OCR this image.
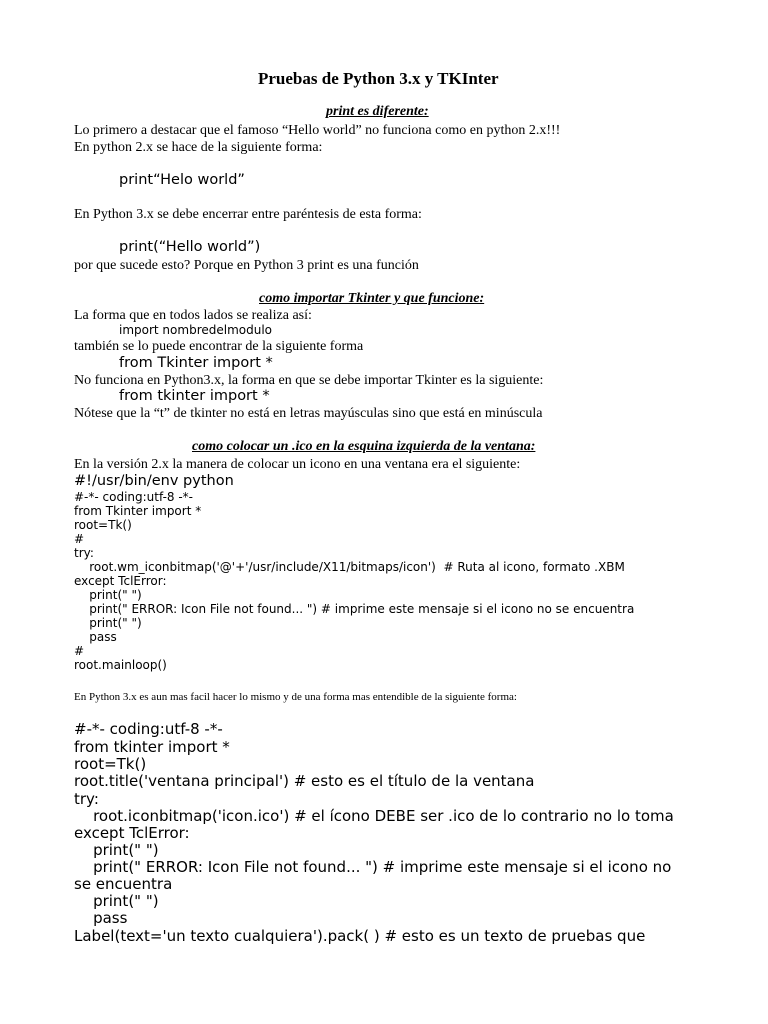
Pruebas de Python 3.x y TKInter
print es diferente:
Lo primero a destacar que el famoso “Hello world” no funciona como en python 2.x!!!
En python 2.x se hace de la siguiente forma:
print“Helo world”
En Python 3.x se debe encerrar entre paréntesis de esta forma:
print(“Hello world”)
por que sucede esto? Porque en Python 3 print es una función
como importar Tkinter y que funcione:
La forma que en todos lados se realiza así:
import nombredelmodulo
también se lo puede encontrar de la siguiente forma
from Tkinter import *
No funciona en Python3.x, la forma en que se debe importar Tkinter es la siguiente:
from tkinter import *
Nótese que la “t” de tkinter no está en letras mayúsculas sino que está en minúscula
como colocar un .ico en la esquina izquierda de la ventana:
En la versión 2.x la manera de colocar un icono en una ventana era el siguiente:
#!/usr/bin/env python
#-*- coding:utf-8 -*-
from Tkinter import *
root=Tk()
#
try:
root.wm_iconbitmap('@'+'/usr/include/X11/bitmaps/icon')  # Ruta al icono, formato .XBM
except TclError:
print(" ")
print(" ERROR: Icon File not found... ") # imprime este mensaje si el icono no se encuentra
print(" ")
pass
#
root.mainloop()
En Python 3.x es aun mas facil hacer lo mismo y de una forma mas entendible de la siguiente forma:
#-*- coding:utf-8 -*-
from tkinter import *
root=Tk()
root.title('ventana principal') # esto es el título de la ventana
try:
root.iconbitmap('icon.ico') # el ícono DEBE ser .ico de lo contrario no lo toma
except TclError:
print(" ")
print(" ERROR: Icon File not found... ") # imprime este mensaje si el icono no
se encuentra
print(" ")
pass
Label(text='un texto cualquiera').pack( ) # esto es un texto de pruebas que
